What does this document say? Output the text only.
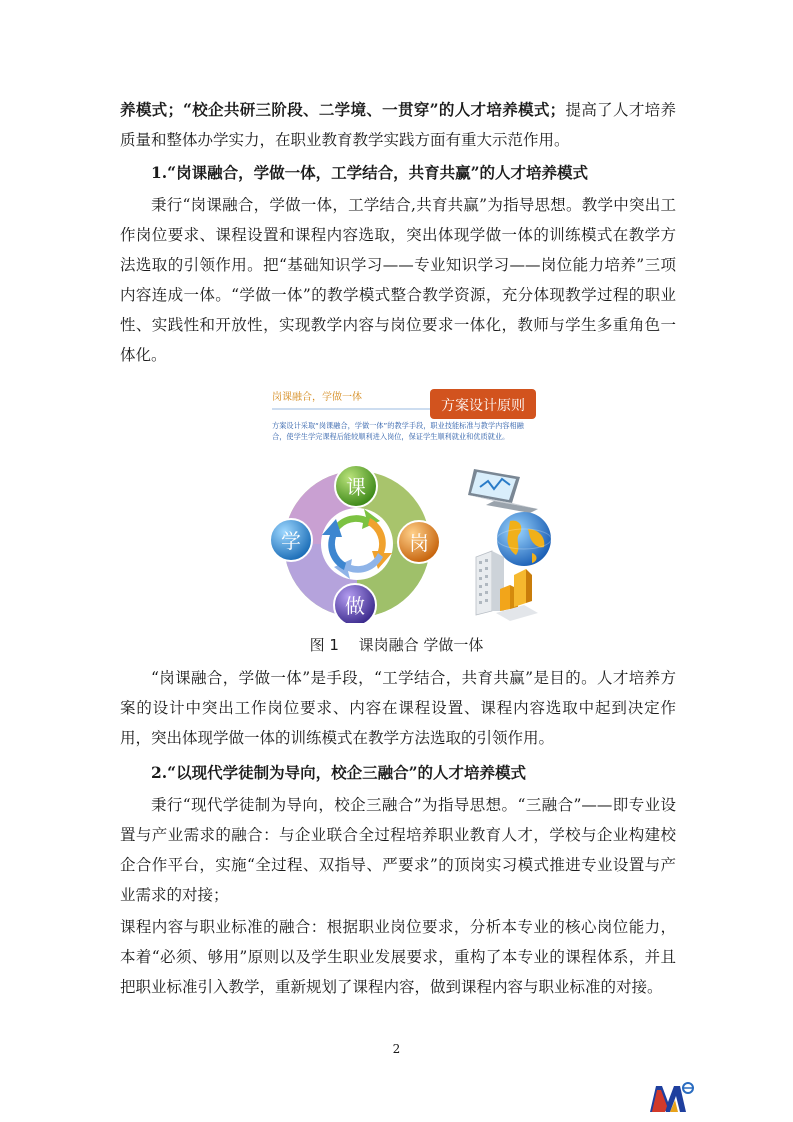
养模式；“校企共研三阶段、二学境、一贯穿”的人才培养模式；提高了人才培养质量和整体办学实力，在职业教育教学实践方面有重大示范作用。

1.“岗课融合，学做一体，工学结合，共育共赢”的人才培养模式

秉行“岗课融合，学做一体，工学结合,共育共赢”为指导思想。教学中突出工作岗位要求、课程设置和课程内容选取，突出体现学做一体的训练模式在教学方法选取的引领作用。把“基础知识学习——专业知识学习——岗位能力培养”三项内容连成一体。“学做一体”的教学模式整合教学资源，充分体现教学过程的职业性、实践性和开放性，实现教学内容与岗位要求一体化，教师与学生多重角色一体化。

岗课融合，学做一体
方案设计原则
方案设计采取“岗课融合，学做一体”的教学手段，职业技能标准与教学内容相融合，使学生学完课程后能较顺利进入岗位，保证学生顺利就业和优质就业。
课
学	岗
做
图 1　 课岗融合 学做一体

“岗课融合，学做一体”是手段，“工学结合，共育共赢”是目的。人才培养方案的设计中突出工作岗位要求、内容在课程设置、课程内容选取中起到决定作用，突出体现学做一体的训练模式在教学方法选取的引领作用。

2.“以现代学徒制为导向，校企三融合”的人才培养模式

秉行“现代学徒制为导向，校企三融合”为指导思想。“三融合”——即专业设置与产业需求的融合：与企业联合全过程培养职业教育人才，学校与企业构建校企合作平台，实施“全过程、双指导、严要求”的顶岗实习模式推进专业设置与产业需求的对接；

课程内容与职业标准的融合：根据职业岗位要求，分析本专业的核心岗位能力，本着“必须、够用”原则以及学生职业发展要求，重构了本专业的课程体系，并且把职业标准引入教学，重新规划了课程内容，做到课程内容与职业标准的对接。

2
